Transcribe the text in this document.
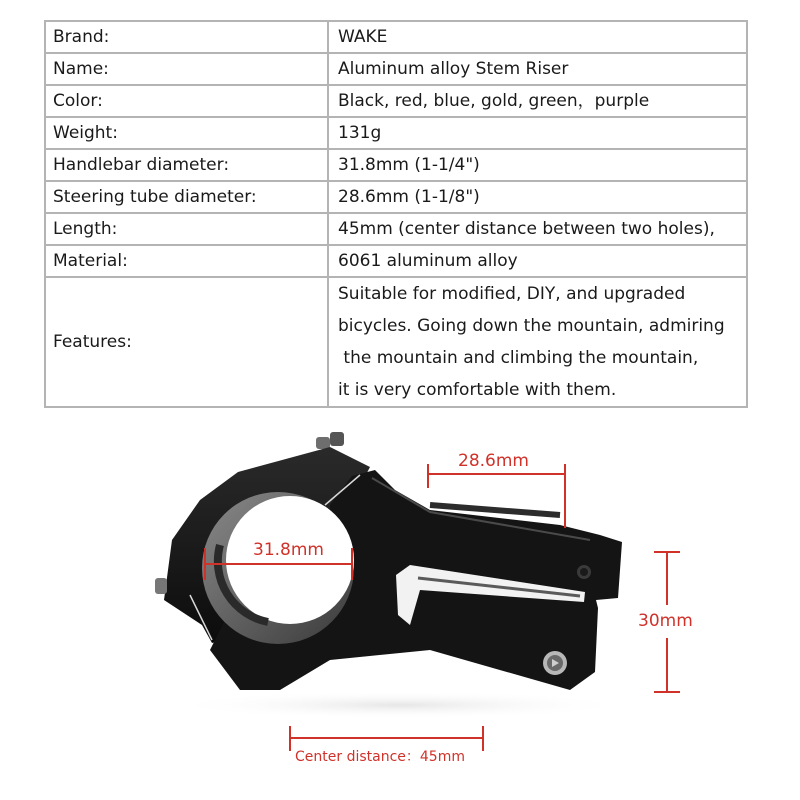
Brand:	WAKE
Name:	Aluminum alloy Stem Riser
Color:	Black, red, blue, gold, green，purple
Weight:	131g
Handlebar diameter:	31.8mm (1-1/4")
Steering tube diameter:	28.6mm (1-1/8")
Length:	45mm (center distance between two holes),
Material:	6061 aluminum alloy
Features:	Suitable for modified, DIY, and upgraded
bicycles. Going down the mountain, admiring
the mountain and climbing the mountain,
it is very comfortable with them.
31.8mm
28.6mm
30mm
Center distance：45mm
